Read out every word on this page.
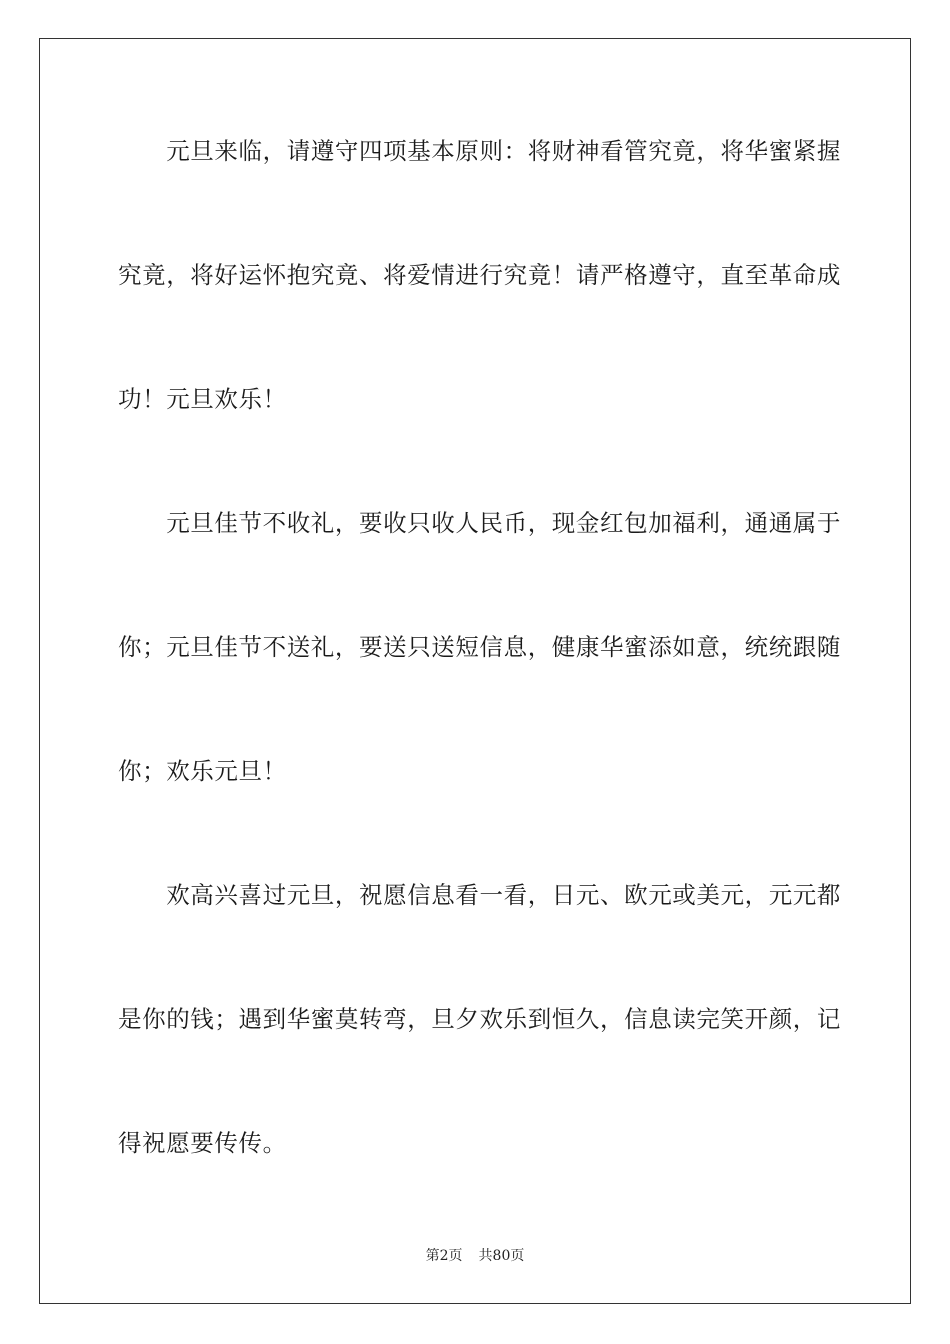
　　元旦来临，请遵守四项基本原则：将财神看管究竟，将华蜜紧握
究竟，将好运怀抱究竟、将爱情进行究竟！请严格遵守，直至革命成
功！元旦欢乐！
　　元旦佳节不收礼，要收只收人民币，现金红包加福利，通通属于
你；元旦佳节不送礼，要送只送短信息，健康华蜜添如意，统统跟随
你；欢乐元旦！
　　欢高兴喜过元旦，祝愿信息看一看，日元、欧元或美元，元元都
是你的钱；遇到华蜜莫转弯，旦夕欢乐到恒久，信息读完笑开颜，记
得祝愿要传传。
第2页 共80页
